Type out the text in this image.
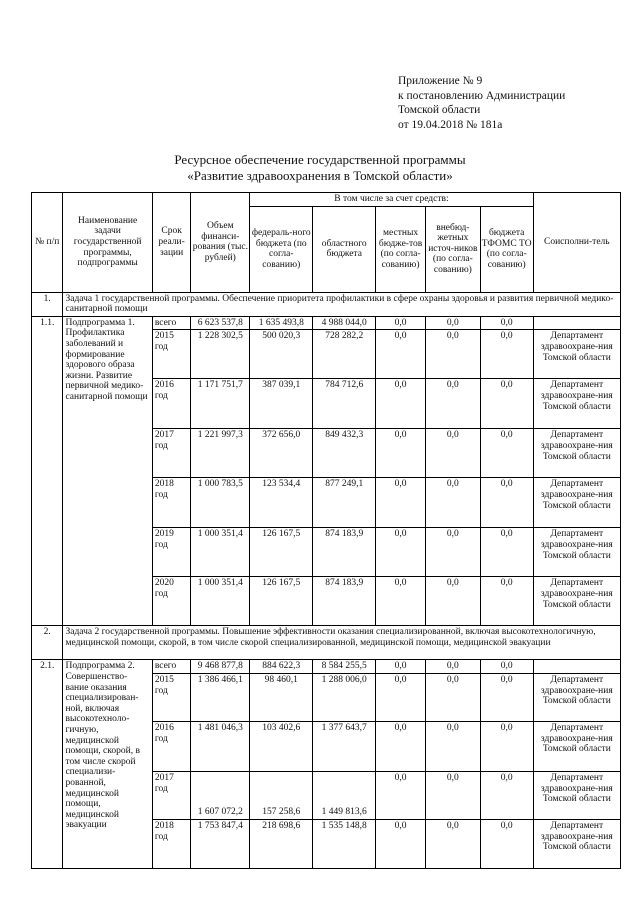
Приложение № 9
к постановлению Администрации
Томской области
от 19.04.2018 № 181а
Ресурсное обеспечение государственной программы
«Развитие здравоохранения в Томской области»
№ п/п	Наименование задачи государственной программы, подпрограммы	Срок реали-зации	Объем финанси-рования (тыс. рублей)	В том числе за счет средств:					Соисполни-тель
				федераль-ного бюджета (по согла-сованию)	областного бюджета	местных бюдже-тов (по согла-сованию)	внебюд-жетных источ-ников (по согла-сованию)	бюджета ТФОМС ТО (по согла-сованию)	
1.	Задача 1 государственной программы. Обеспечение приоритета профилактики в сфере охраны здоровья и развития первичной медико-санитарной помощи								
1.1.	Подпрограмма 1. Профилактика заболеваний и формирование здорового образа жизни. Развитие первичной медико-санитарной помощи	всего	6 623 537,8	1 635 493,8	4 988 044,0	0,0	0,0	0,0	
		2015 год	1 228 302,5	500 020,3	728 282,2	0,0	0,0	0,0	Департамент здравоохране-ния Томской области
		2016 год	1 171 751,7	387 039,1	784 712,6	0,0	0,0	0,0	Департамент здравоохране-ния Томской области
		2017 год	1 221 997,3	372 656,0	849 432,3	0,0	0,0	0,0	Департамент здравоохране-ния Томской области
		2018 год	1 000 783,5	123 534,4	877 249,1	0,0	0,0	0,0	Департамент здравоохране-ния Томской области
		2019 год	1 000 351,4	126 167,5	874 183,9	0,0	0,0	0,0	Департамент здравоохране-ния Томской области
		2020 год	1 000 351,4	126 167,5	874 183,9	0,0	0,0	0,0	Департамент здравоохране-ния Томской области
2.	Задача 2 государственной программы. Повышение эффективности оказания специализированной, включая высокотехнологичную, медицинской помощи, скорой, в том числе скорой специализированной, медицинской помощи, медицинской эвакуации								
2.1.	Подпрограмма 2. Совершенство-вание оказания специализирован-ной, включая высокотехноло-гичную, медицинской помощи, скорой, в том числе скорой специализи-рованной, медицинской помощи, медицинской эвакуации	всего	9 468 877,8	884 622,3	8 584 255,5	0,0	0,0	0,0	
		2015 год	1 386 466,1	98 460,1	1 288 006,0	0,0	0,0	0,0	Департамент здравоохране-ния Томской области
		2016 год	1 481 046,3	103 402,6	1 377 643,7	0,0	0,0	0,0	Департамент здравоохране-ния Томской области
		2017 год	1 607 072,2	157 258,6	1 449 813,6	0,0	0,0	0,0	Департамент здравоохране-ния Томской области
		2018 год	1 753 847,4	218 698,6	1 535 148,8	0,0	0,0	0,0	Департамент здравоохране-ния Томской области
